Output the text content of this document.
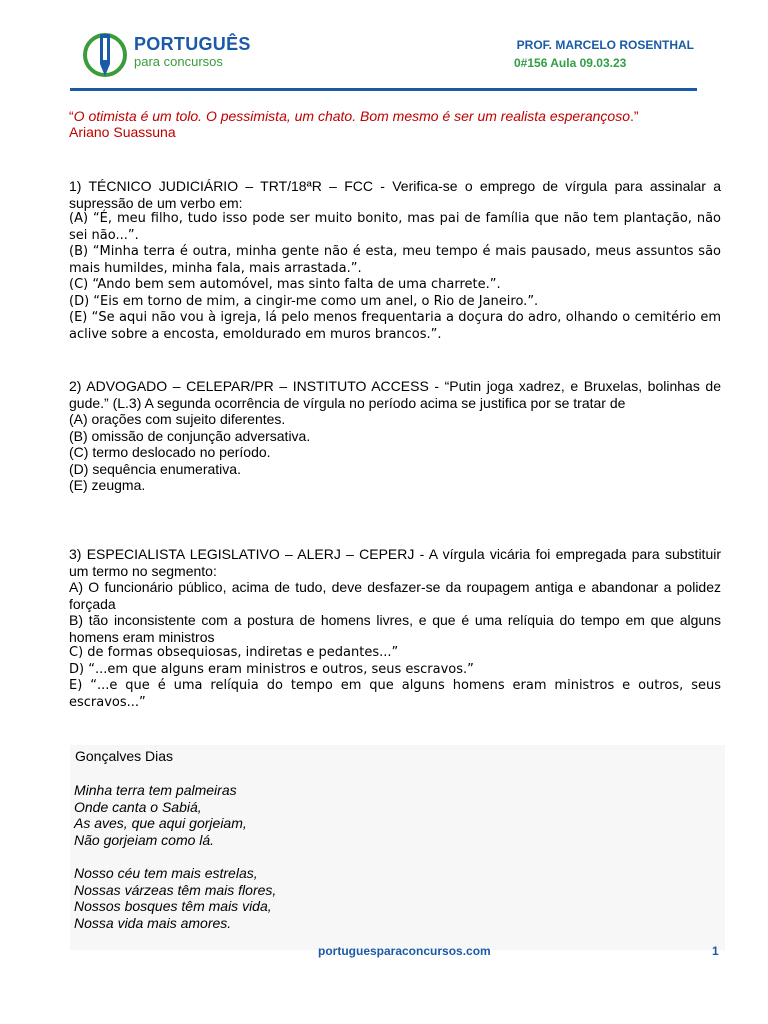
PORTUGUÊS
para concursos
PROF. MARCELO ROSENTHAL
0#156 Aula 09.03.23
“O otimista é um tolo. O pessimista, um chato. Bom mesmo é ser um realista esperançoso.”
Ariano Suassuna

1) TÉCNICO JUDICIÁRIO – TRT/18ªR – FCC - Verifica-se o emprego de vírgula para assinalar a supressão de um verbo em:

(A) “É, meu filho, tudo isso pode ser muito bonito, mas pai de família que não tem plantação, não sei não...”.

(B) “Minha terra é outra, minha gente não é esta, meu tempo é mais pausado, meus assuntos são mais humildes, minha fala, mais arrastada.”.

(C) “Ando bem sem automóvel, mas sinto falta de uma charrete.”.

(D) “Eis em torno de mim, a cingir-me como um anel, o Rio de Janeiro.”.

(E) “Se aqui não vou à igreja, lá pelo menos frequentaria a doçura do adro, olhando o cemitério em aclive sobre a encosta, emoldurado em muros brancos.”.

2) ADVOGADO – CELEPAR/PR – INSTITUTO ACCESS - “Putin joga xadrez, e Bruxelas, bolinhas de gude.” (L.3) A segunda ocorrência de vírgula no período acima se justifica por se tratar de

(A) orações com sujeito diferentes.

(B) omissão de conjunção adversativa.

(C) termo deslocado no período.

(D) sequência enumerativa.

(E) zeugma.

3) ESPECIALISTA LEGISLATIVO – ALERJ – CEPERJ - A vírgula vicária foi empregada para substituir um termo no segmento:

A) O funcionário público, acima de tudo, deve desfazer-se da roupagem antiga e abandonar a polidez forçada

B) tão inconsistente com a postura de homens livres, e que é uma relíquia do tempo em que alguns homens eram ministros

C) de formas obsequiosas, indiretas e pedantes...”

D) “...em que alguns eram ministros e outros, seus escravos.”

E) “...e que é uma relíquia do tempo em que alguns homens eram ministros e outros, seus escravos...”

Gonçalves Dias

Minha terra tem palmeiras

Onde canta o Sabiá,

As aves, que aqui gorjeiam,

Não gorjeiam como lá.

Nosso céu tem mais estrelas,

Nossas várzeas têm mais flores,

Nossos bosques têm mais vida,

Nossa vida mais amores.

portuguesparaconcursos.com	1
